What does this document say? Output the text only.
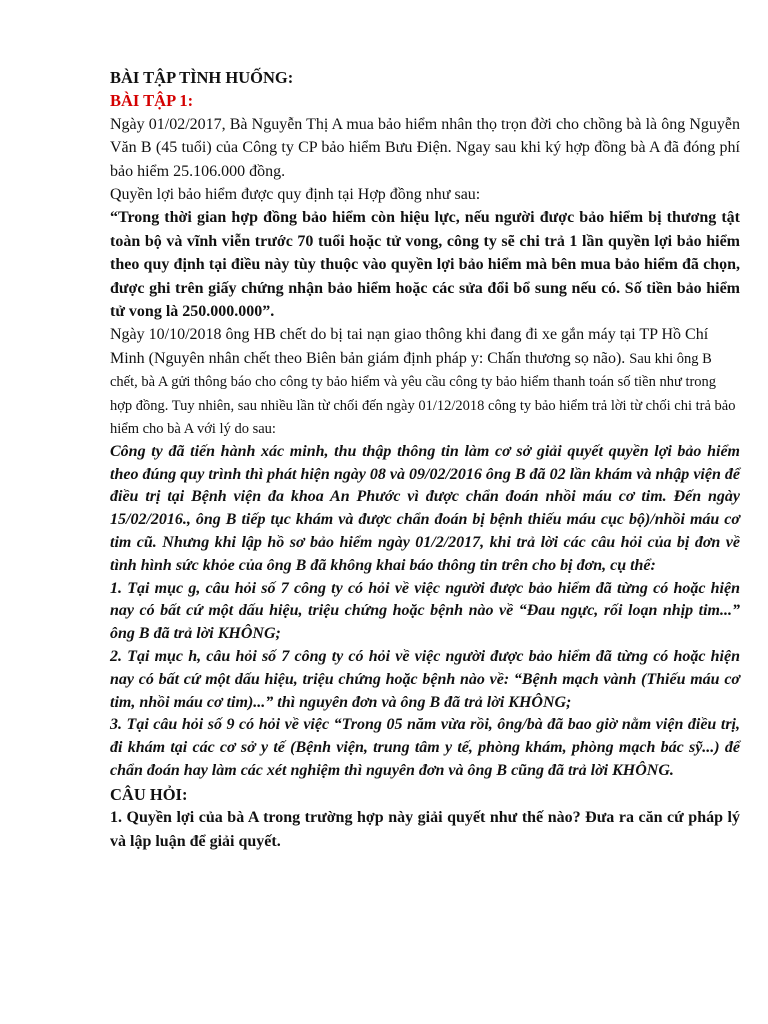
BÀI TẬP TÌNH HUỐNG:

BÀI TẬP 1:

Ngày 01/02/2017, Bà Nguyễn Thị A mua bảo hiểm nhân thọ trọn đời cho chồng bà là ông Nguyễn Văn B (45 tuổi) của Công ty CP bảo hiểm Bưu Điện. Ngay sau khi ký hợp đồng bà A đã đóng phí bảo hiểm 25.106.000 đồng.

Quyền lợi bảo hiểm được quy định tại Hợp đồng như sau:

“Trong thời gian hợp đồng bảo hiểm còn hiệu lực, nếu người được bảo hiểm bị thương tật toàn bộ và vĩnh viễn trước 70 tuổi hoặc tử vong, công ty sẽ chi trả 1 lần quyền lợi bảo hiểm theo quy định tại điều này tùy thuộc vào quyền lợi bảo hiểm mà bên mua bảo hiểm đã chọn, được ghi trên giấy chứng nhận bảo hiểm hoặc các sửa đổi bổ sung nếu có. Số tiền bảo hiểm tử vong là 250.000.000”.

Ngày 10/10/2018 ông HB chết do bị tai nạn giao thông khi đang đi xe gắn máy tại TP Hồ Chí Minh (Nguyên nhân chết theo Biên bản giám định pháp y: Chấn thương sọ não). Sau khi ông B chết, bà A gửi thông báo cho công ty bảo hiểm và yêu cầu công ty bảo hiểm thanh toán số tiền như trong hợp đồng. Tuy nhiên, sau nhiều lần từ chối đến ngày 01/12/2018 công ty bảo hiểm trả lời từ chối chi trả bảo hiểm cho bà A với lý do sau:

Công ty đã tiến hành xác minh, thu thập thông tin làm cơ sở giải quyết quyền lợi bảo hiểm theo đúng quy trình thì phát hiện ngày 08 và 09/02/2016 ông B đã 02 lần khám và nhập viện để điều trị tại Bệnh viện đa khoa An Phước vì được chẩn đoán nhồi máu cơ tim. Đến ngày 15/02/2016., ông B tiếp tục khám và được chẩn đoán bị bệnh thiếu máu cục bộ)/nhồi máu cơ tim cũ. Nhưng khi lập hồ sơ bảo hiểm ngày 01/2/2017, khi trả lời các câu hỏi của bị đơn về tình hình sức khỏe của ông B đã không khai báo thông tin trên cho bị đơn, cụ thể:

1. Tại mục g, câu hỏi số 7 công ty có hỏi về việc người được bảo hiểm đã từng có hoặc hiện nay có bất cứ một dấu hiệu, triệu chứng hoặc bệnh nào về “Đau ngực, rối loạn nhịp tim...” ông B đã trả lời KHÔNG;

2. Tại mục h, câu hỏi số 7 công ty có hỏi về việc người được bảo hiểm đã từng có hoặc hiện nay có bất cứ một dấu hiệu, triệu chứng hoặc bệnh nào về: “Bệnh mạch vành (Thiếu máu cơ tim, nhồi máu cơ tim)...” thì nguyên đơn và ông B đã trả lời KHÔNG;

3. Tại câu hỏi số 9 có hỏi về việc “Trong 05 năm vừa rồi, ông/bà đã bao giờ nằm viện điều trị, đi khám tại các cơ sở y tế (Bệnh viện, trung tâm y tế, phòng khám, phòng mạch bác sỹ...) để chẩn đoán hay làm các xét nghiệm thì nguyên đơn và ông B cũng đã trả lời KHÔNG.

CÂU HỎI:

1. Quyền lợi của bà A trong trường hợp này giải quyết như thế nào? Đưa ra căn cứ pháp lý và lập luận để giải quyết.
